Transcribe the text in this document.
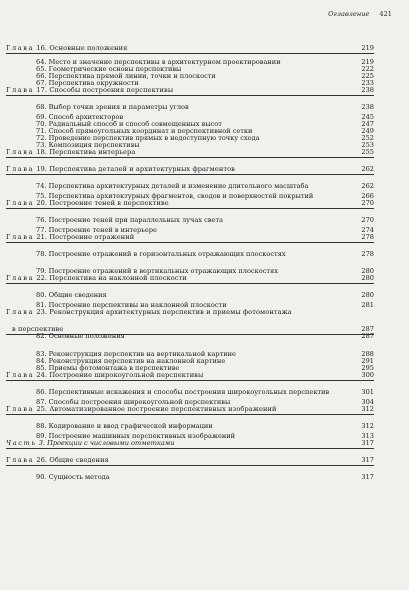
Оглавление 421
Глава 16. Основные положения	219
64. Место и значение перспективы в архитектурном проектировании	219
65. Геометрические основы перспективы	222
66. Перспектива прямой линии, точки и плоскости	225
67. Перспектива окружности	233
Глава 17. Способы построения перспективы	238
68. Выбор точки зрения и параметры углов	238
69. Способ архитекторов	245
70. Радиальный способ и способ совмещенных высот	247
71. Способ прямоугольных координат и перспективной сетки	249
72. Проведение перспектив прямых в недоступную точку схода	252
73. Композиция перспективы	253
Глава 18. Перспектива интерьера	255
Глава 19. Перспектива деталей и архитектурных фрагментов	262
74. Перспектива архитектурных деталей и изменение длительного масштаба	262
75. Перспектива архитектурных фрагментов, сводов и поверхностей покрытий	266
Глава 20. Построение теней в перспективе	270
76. Построение теней при параллельных лучах света	270
77. Построение теней в интерьере	274
Глава 21. Построение отражений	278
78. Построение отражений в горизонтальных отражающих плоскостях	278
79. Построение отражений в вертикальных отражающих плоскостях	280
Глава 22. Перспектива на наклонной плоскости	280
80. Общие сведения	280
81. Построение перспективы на наклонной плоскости	281
Глава 23. Реконструкция архитектурных перспектив и приемы фотомонтажа
в перспективе	287
82. Основные положения	287
83. Реконструкция перспектив на вертикальной картине	288
84. Реконструкция перспектив на наклонной картине	291
85. Приемы фотомонтажа в перспективе	295
Глава 24. Построение широкоугольной перспективы	300
86. Перспективные искажения и способы построения широкоугольных перспектив	301
87. Способы построения широкоугольной перспективы	304
Глава 25. Автоматизированное построение перспективных изображений	312
88. Кодирование и ввод графической информации	312
89. Построение машинных перспективных изображений	313
Часть 3. Проекции с числовыми отметками	317
Глава 26. Общие сведения	317
90. Сущность метода	317
